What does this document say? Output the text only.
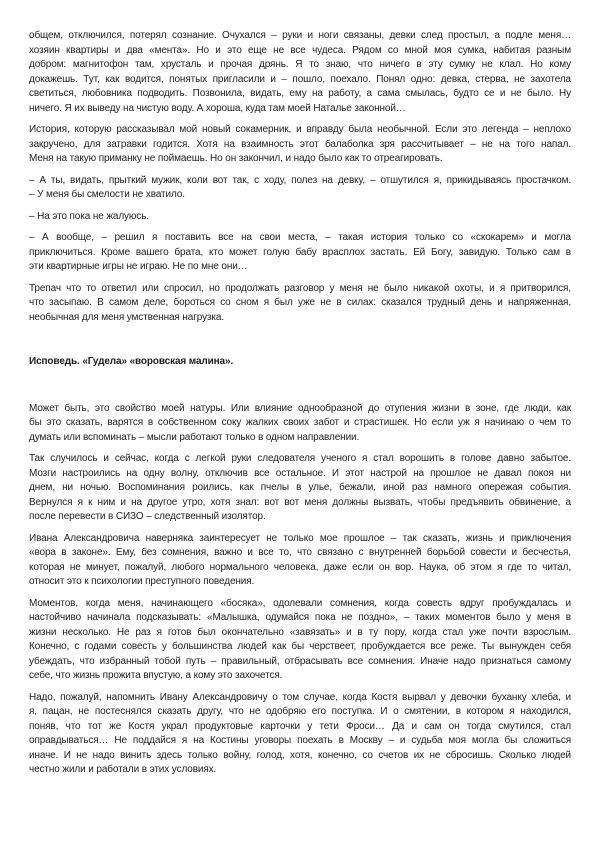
общем, отключился, потерял сознание. Очухался – руки и ноги связаны, девки след простыл, а подле меня…
хозяин квартиры и два «мента». Но и это еще не все чудеса. Рядом со мной моя сумка, набитая разным
добром: магнитофон там, хрусталь и прочая дрянь. Я то знаю, что ничего в эту сумку не клал. Но кому
докажешь. Тут, как водится, понятых пригласили и – пошло, поехало. Понял одно: девка, стерва, не захотела
светиться, любовника подводить. Позвонила, видать, ему на работу, а сама смылась, будто се и не было. Ну
ничего. Я их выведу на чистую воду. А хороша, куда там моей Наталье законной…
История, которую рассказывал мой новый сокамерник, и вправду была необычной. Если это легенда – неплохо
закручено, для затравки годится. Хотя на взаимность этот балаболка зря рассчитывает – не на того напал.
Меня на такую приманку не поймаешь. Но он закончил, и надо было как то отреагировать.
– А ты, видать, прыткий мужик, коли вот так, с ходу, полез на девку, – отшутился я, прикидываясь простачком.
– У меня бы смелости не хватило.
– На это пока не жалуюсь.
– А вообще, – решил я поставить все на свои места, – такая история только со «скокарем» и могла
приключиться. Кроме вашего брата, кто может голую бабу врасплох застать. Ей Богу, завидую. Только сам в
эти квартирные игры не играю. Не по мне они…
Трепач что то ответил или спросил, но продолжать разговор у меня не было никакой охоты, и я притворился,
что засыпаю. В самом деле, бороться со сном я был уже не в силах: сказался трудный день и напряженная,
необычная для меня умственная нагрузка.
Исповедь. «Гудела» «воровская малина».
Может быть, это свойство моей натуры. Или влияние однообразной до отупения жизни в зоне, где люди, как
бы это сказать, варятся в собственном соку жалких своих забот и страстишек. Но если уж я начинаю о чем то
думать или вспоминать – мысли работают только в одном направлении.
Так случилось и сейчас, когда с легкой руки следователя ученого я стал ворошить в голове давно забытое.
Мозги настроились на одну волну, отключив все остальное. И этот настрой на прошлое не давал покоя ни
днем, ни ночью. Воспоминания роились, как пчелы в улье, бежали, иной раз намного опережая события.
Вернулся я к ним и на другое утро, хотя знал: вот вот меня должны вызвать, чтобы предъявить обвинение, а
после перевести в СИЗО – следственный изолятор.
Ивана Александровича наверняка заинтересует не только мое прошлое – так сказать, жизнь и приключения
«вора в законе». Ему, без сомнения, важно и все то, что связано с внутренней борьбой совести и бесчестья,
которая не минует, пожалуй, любого нормального человека, даже если он вор. Наука, об этом я где то читал,
относит это к психологии преступного поведения.
Моментов, когда меня, начинающего «босяка», одолевали сомнения, когда совесть вдруг пробуждалась и
настойчиво начинала подсказывать: «Малышка, одумайся пока не поздно», – таких моментов было у меня в
жизни несколько. Не раз я готов был окончательно «завязать» и в ту пору, когда стал уже почти взрослым.
Конечно, с годами совесть у большинства людей как бы черствеет, пробуждается все реже. Ты вынужден себя
убеждать, что избранный тобой путь – правильный, отбрасывать все сомнения. Иначе надо признаться самому
себе, что жизнь прожита впустую, а кому это захочется.
Надо, пожалуй, напомнить Ивану Александровичу о том случае, когда Костя вырвал у девочки буханку хлеба, и
я, пацан, не постеснялся сказать другу, что не одобряю его поступка. И о смятении, в котором я находился,
поняв, что тот же Костя украл продуктовые карточки у тети Фроси… Да и сам он тогда смутился, стал
оправдываться… Не поддайся я на Костины уговоры поехать в Москву – и судьба моя могла бы сложиться
иначе. И не надо винить здесь только войну, голод, хотя, конечно, со счетов их не сбросишь. Сколько людей
честно жили и работали в этих условиях.
